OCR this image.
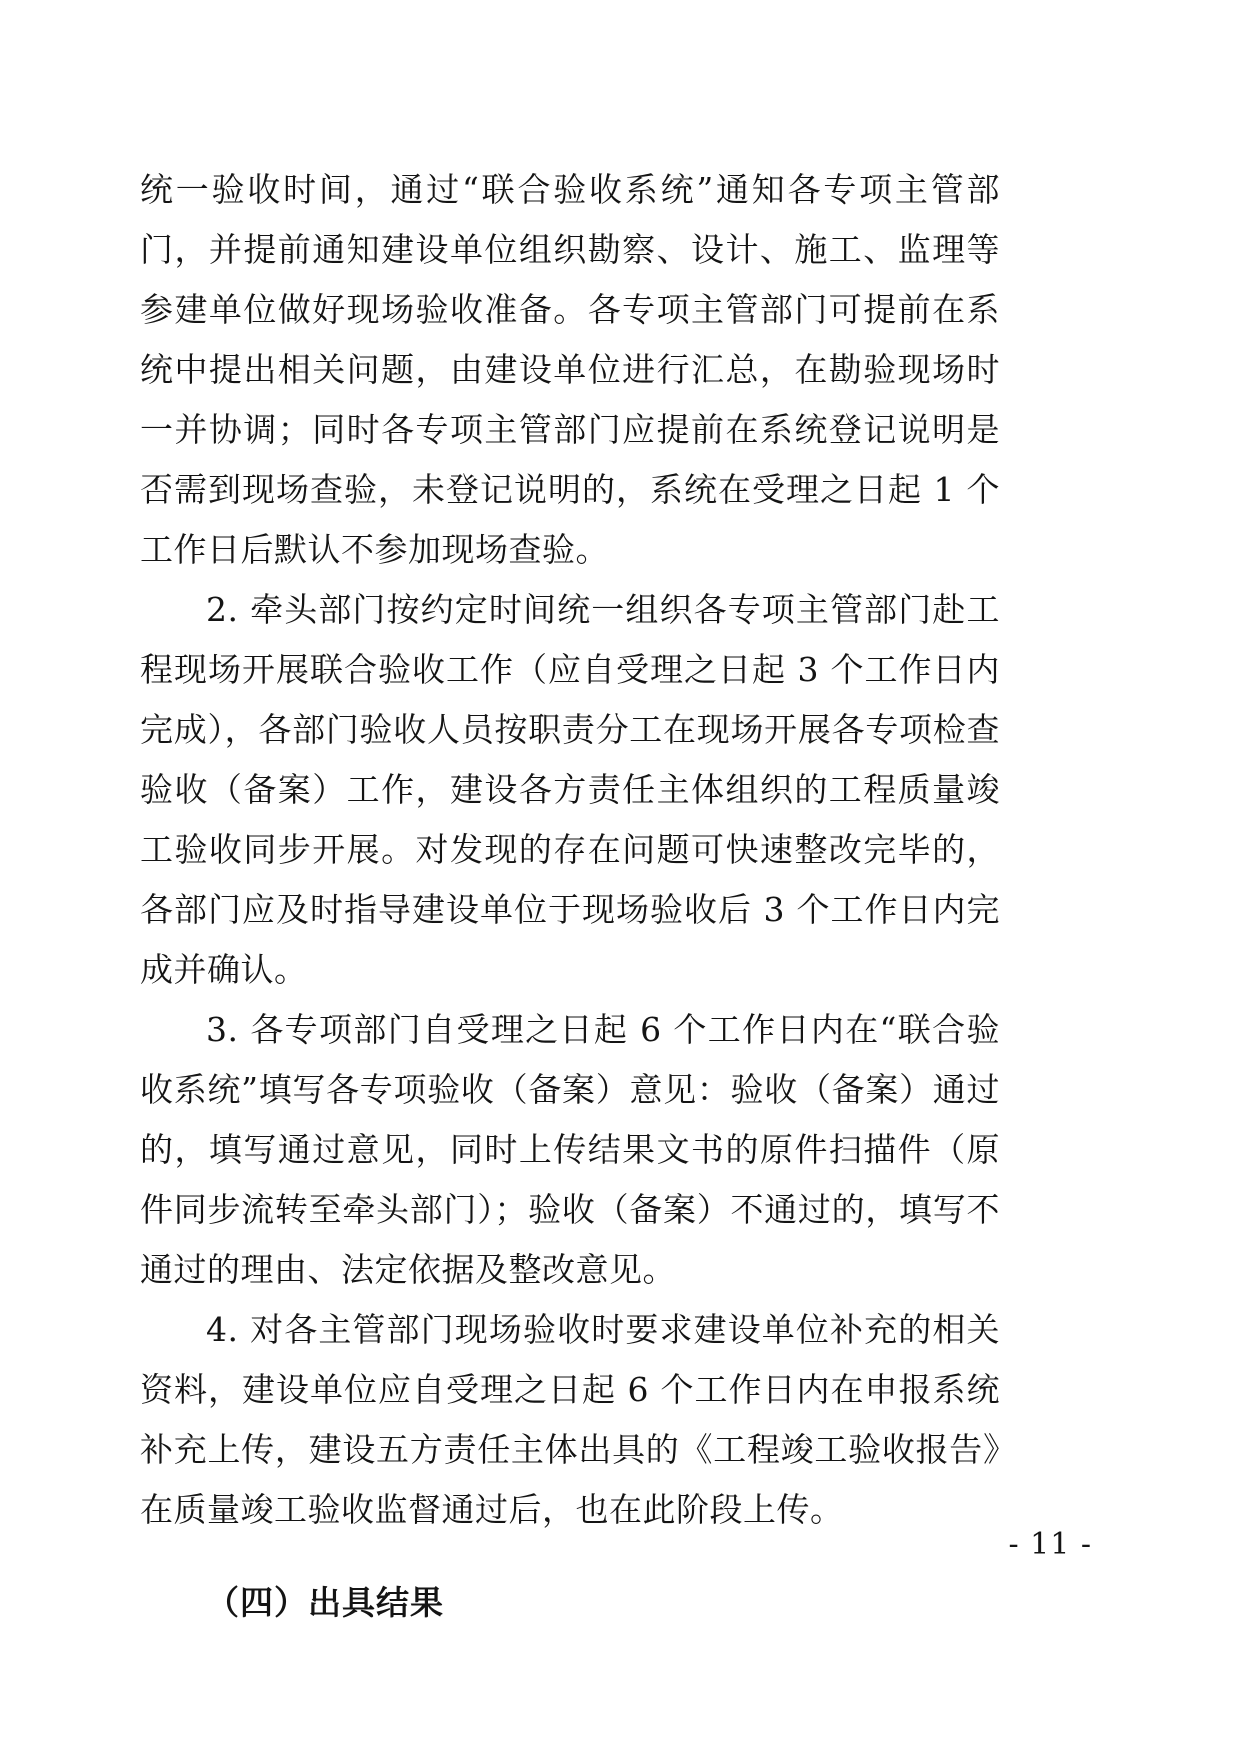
统一验收时间，通过“联合验收系统”通知各专项主管部门，并提前通知建设单位组织勘察、设计、施工、监理等参建单位做好现场验收准备。各专项主管部门可提前在系统中提出相关问题，由建设单位进行汇总，在勘验现场时一并协调；同时各专项主管部门应提前在系统登记说明是否需到现场查验，未登记说明的，系统在受理之日起 1 个工作日后默认不参加现场查验。

2. 牵头部门按约定时间统一组织各专项主管部门赴工程现场开展联合验收工作（应自受理之日起 3 个工作日内完成），各部门验收人员按职责分工在现场开展各专项检查验收（备案）工作，建设各方责任主体组织的工程质量竣工验收同步开展。对发现的存在问题可快速整改完毕的，各部门应及时指导建设单位于现场验收后 3 个工作日内完成并确认。

3. 各专项部门自受理之日起 6 个工作日内在“联合验收系统”填写各专项验收（备案）意见：验收（备案）通过的，填写通过意见，同时上传结果文书的原件扫描件（原件同步流转至牵头部门）；验收（备案）不通过的，填写不通过的理由、法定依据及整改意见。

4. 对各主管部门现场验收时要求建设单位补充的相关资料，建设单位应自受理之日起 6 个工作日内在申报系统补充上传，建设五方责任主体出具的《工程竣工验收报告》在质量竣工验收监督通过后，也在此阶段上传。

（四）出具结果

- 11 -
